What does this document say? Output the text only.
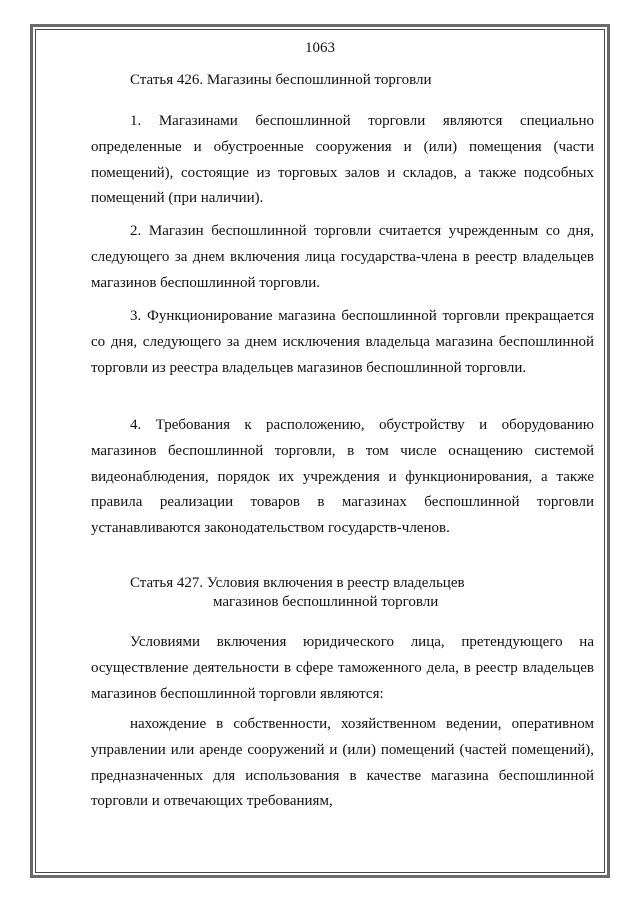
1063
Статья 426. Магазины беспошлинной торговли

1. Магазинами беспошлинной торговли являются специально определенные и обустроенные сооружения и (или) помещения (части помещений), состоящие из торговых залов и складов, а также подсобных помещений (при наличии).

2. Магазин беспошлинной торговли считается учрежденным со дня, следующего за днем включения лица государства-члена в реестр владельцев магазинов беспошлинной торговли.

3. Функционирование магазина беспошлинной торговли прекращается со дня, следующего за днем исключения владельца магазина беспошлинной торговли из реестра владельцев магазинов беспошлинной торговли.

4. Требования к расположению, обустройству и оборудованию магазинов беспошлинной торговли, в том числе оснащению системой видеонаблюдения, порядок их учреждения и функционирования, а также правила реализации товаров в магазинах беспошлинной торговли устанавливаются законодательством государств-членов.

Статья 427. Условия включения в реестр владельцев
магазинов беспошлинной торговли

Условиями включения юридического лица, претендующего на осуществление деятельности в сфере таможенного дела, в реестр владельцев магазинов беспошлинной торговли являются:

нахождение в собственности, хозяйственном ведении, оперативном управлении или аренде сооружений и (или) помещений (частей помещений), предназначенных для использования в качестве магазина беспошлинной торговли и отвечающих требованиям,
